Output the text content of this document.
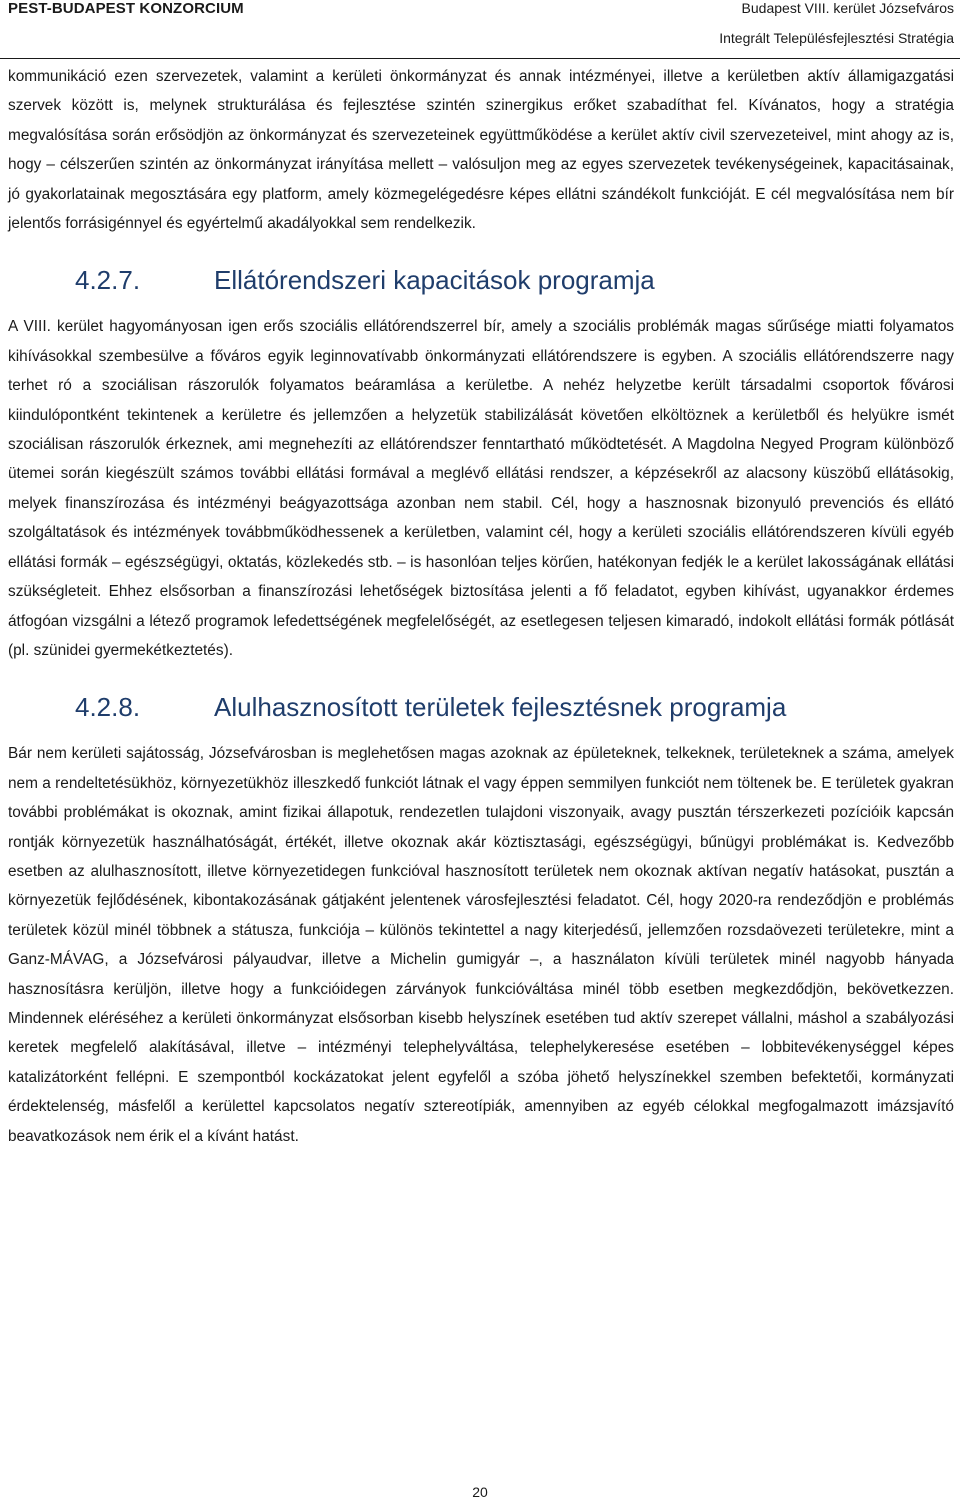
PEST-BUDAPEST KONZORCIUM	Budapest VIII. kerület Józsefváros
Integrált Településfejlesztési Stratégia

kommunikáció ezen szervezetek, valamint a kerületi önkormányzat és annak intézményei, illetve a kerületben aktív államigazgatási szervek között is, melynek strukturálása és fejlesztése szintén szinergikus erőket szabadíthat fel. Kívánatos, hogy a stratégia megvalósítása során erősödjön az önkormányzat és szervezeteinek együttműködése a kerület aktív civil szervezeteivel, mint ahogy az is, hogy – célszerűen szintén az önkormányzat irányítása mellett – valósuljon meg az egyes szervezetek tevékenységeinek, kapacitásainak, jó gyakorlatainak megosztására egy platform, amely közmegelégedésre képes ellátni szándékolt funkcióját. E cél megvalósítása nem bír jelentős forrásigénnyel és egyértelmű akadályokkal sem rendelkezik.

4.2.7.	Ellátórendszeri kapacitások programja

A VIII. kerület hagyományosan igen erős szociális ellátórendszerrel bír, amely a szociális problémák magas sűrűsége miatti folyamatos kihívásokkal szembesülve a főváros egyik leginnovatívabb önkormányzati ellátórendszere is egyben. A szociális ellátórendszerre nagy terhet ró a szociálisan rászorulók folyamatos beáramlása a kerületbe. A nehéz helyzetbe került társadalmi csoportok fővárosi kiindulópontként tekintenek a kerületre és jellemzően a helyzetük stabilizálását követően elköltöznek a kerületből és helyükre ismét szociálisan rászorulók érkeznek, ami megnehezíti az ellátórendszer fenntartható működtetését. A Magdolna Negyed Program különböző ütemei során kiegészült számos további ellátási formával a meglévő ellátási rendszer, a képzésekről az alacsony küszöbű ellátásokig, melyek finanszírozása és intézményi beágyazottsága azonban nem stabil. Cél, hogy a hasznosnak bizonyuló prevenciós és ellátó szolgáltatások és intézmények továbbműködhessenek a kerületben, valamint cél, hogy a kerületi szociális ellátórendszeren kívüli egyéb ellátási formák – egészségügyi, oktatás, közlekedés stb. – is hasonlóan teljes körűen, hatékonyan fedjék le a kerület lakosságának ellátási szükségleteit. Ehhez elsősorban a finanszírozási lehetőségek biztosítása jelenti a fő feladatot, egyben kihívást, ugyanakkor érdemes átfogóan vizsgálni a létező programok lefedettségének megfelelőségét, az esetlegesen teljesen kimaradó, indokolt ellátási formák pótlását (pl. szünidei gyermekétkeztetés).

4.2.8.	Alulhasznosított területek fejlesztésnek programja

Bár nem kerületi sajátosság, Józsefvárosban is meglehetősen magas azoknak az épületeknek, telkeknek, területeknek a száma, amelyek nem a rendeltetésükhöz, környezetükhöz illeszkedő funkciót látnak el vagy éppen semmilyen funkciót nem töltenek be. E területek gyakran további problémákat is okoznak, amint fizikai állapotuk, rendezetlen tulajdoni viszonyaik, avagy pusztán térszerkezeti pozícióik kapcsán rontják környezetük használhatóságát, értékét, illetve okoznak akár köztisztasági, egészségügyi, bűnügyi problémákat is. Kedvezőbb esetben az alulhasznosított, illetve környezetidegen funkcióval hasznosított területek nem okoznak aktívan negatív hatásokat, pusztán a környezetük fejlődésének, kibontakozásának gátjaként jelentenek városfejlesztési feladatot. Cél, hogy 2020-ra rendeződjön e problémás területek közül minél többnek a státusza, funkciója – különös tekintettel a nagy kiterjedésű, jellemzően rozsdaövezeti területekre, mint a Ganz-MÁVAG, a Józsefvárosi pályaudvar, illetve a Michelin gumigyár –, a használaton kívüli területek minél nagyobb hányada hasznosításra kerüljön, illetve hogy a funkcióidegen zárványok funkcióváltása minél több esetben megkezdődjön, bekövetkezzen. Mindennek eléréséhez a kerületi önkormányzat elsősorban kisebb helyszínek esetében tud aktív szerepet vállalni, máshol a szabályozási keretek megfelelő alakításával, illetve – intézményi telephelyváltása, telephelykeresése esetében – lobbitevékenységgel képes katalizátorként fellépni. E szempontból kockázatokat jelent egyfelől a szóba jöhető helyszínekkel szemben befektetői, kormányzati érdektelenség, másfelől a kerülettel kapcsolatos negatív sztereotípiák, amennyiben az egyéb célokkal megfogalmazott imázsjavító beavatkozások nem érik el a kívánt hatást.

20
